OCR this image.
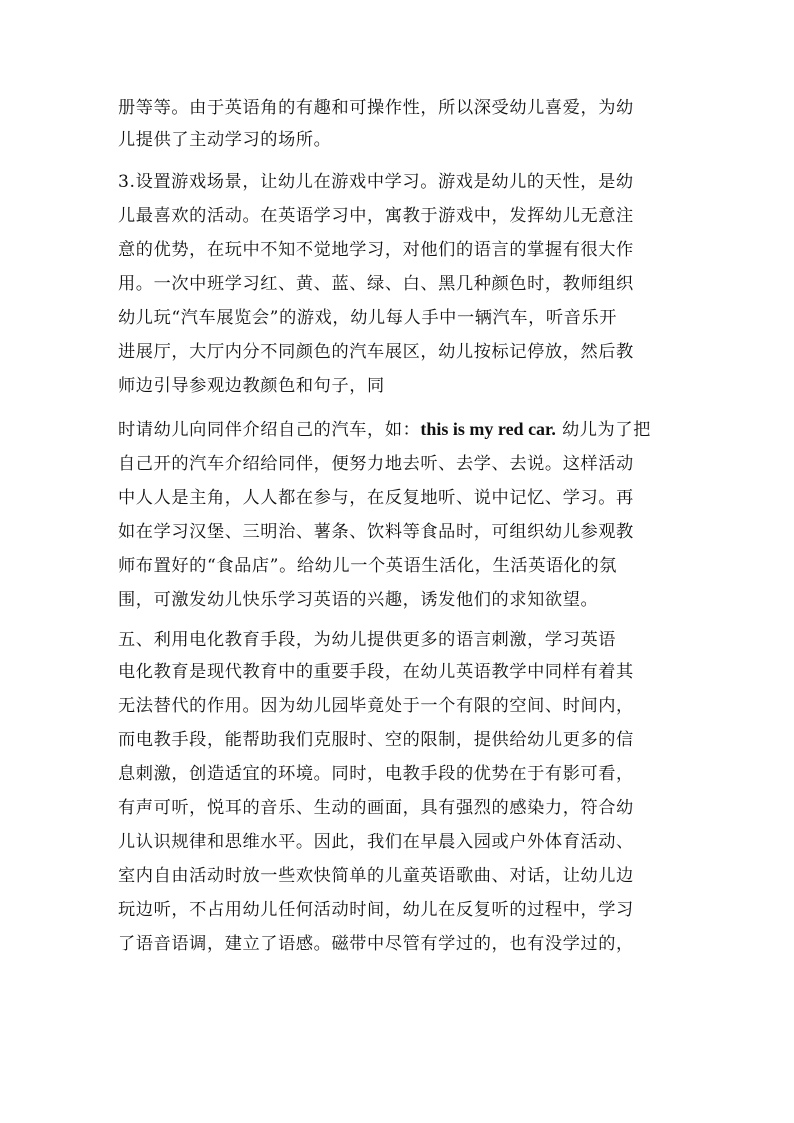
册等等。由于英语角的有趣和可操作性，所以深受幼儿喜爱，为幼
儿提供了主动学习的场所。
3.设置游戏场景，让幼儿在游戏中学习。游戏是幼儿的天性，是幼
儿最喜欢的活动。在英语学习中，寓教于游戏中，发挥幼儿无意注
意的优势，在玩中不知不觉地学习，对他们的语言的掌握有很大作
用。一次中班学习红、黄、蓝、绿、白、黑几种颜色时，教师组织
幼儿玩“汽车展览会”的游戏，幼儿每人手中一辆汽车，听音乐开
进展厅，大厅内分不同颜色的汽车展区，幼儿按标记停放，然后教
师边引导参观边教颜色和句子，同
时请幼儿向同伴介绍自己的汽车，如：this is my red car. 幼儿为了把
自己开的汽车介绍给同伴，便努力地去听、去学、去说。这样活动
中人人是主角，人人都在参与，在反复地听、说中记忆、学习。再
如在学习汉堡、三明治、薯条、饮料等食品时，可组织幼儿参观教
师布置好的“食品店”。给幼儿一个英语生活化，生活英语化的氛
围，可激发幼儿快乐学习英语的兴趣，诱发他们的求知欲望。
五、利用电化教育手段，为幼儿提供更多的语言刺激，学习英语
电化教育是现代教育中的重要手段，在幼儿英语教学中同样有着其
无法替代的作用。因为幼儿园毕竟处于一个有限的空间、时间内，
而电教手段，能帮助我们克服时、空的限制，提供给幼儿更多的信
息刺激，创造适宜的环境。同时，电教手段的优势在于有影可看，
有声可听，悦耳的音乐、生动的画面，具有强烈的感染力，符合幼
儿认识规律和思维水平。因此，我们在早晨入园或户外体育活动、
室内自由活动时放一些欢快简单的儿童英语歌曲、对话，让幼儿边
玩边听，不占用幼儿任何活动时间，幼儿在反复听的过程中，学习
了语音语调，建立了语感。磁带中尽管有学过的，也有没学过的，
